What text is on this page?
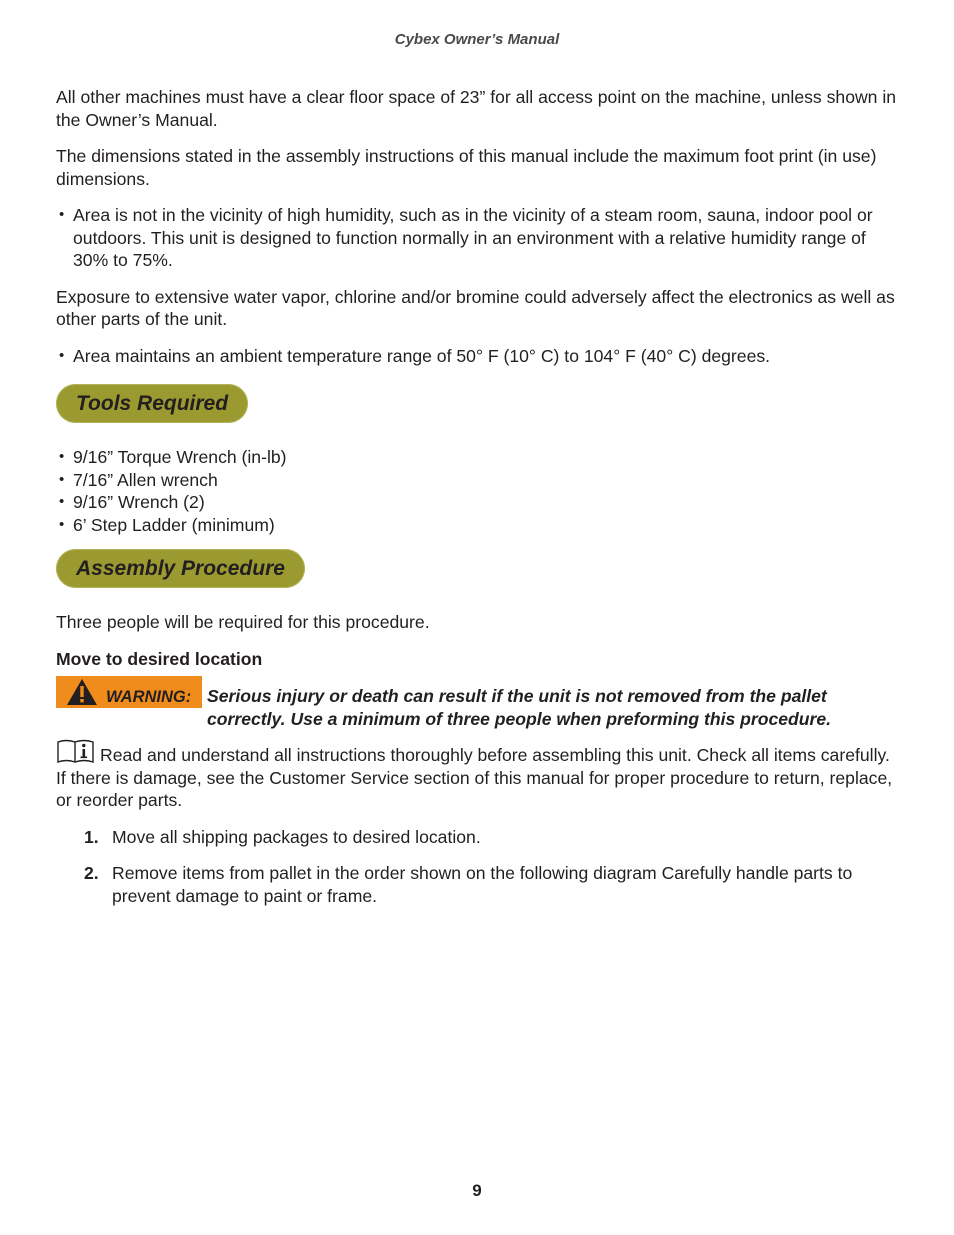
Cybex Owner’s Manual

All other machines must have a clear floor space of 23” for all access point on the machine, unless shown in the Owner’s Manual.

The dimensions stated in the assembly instructions of this manual include the maximum foot print (in use) dimensions.

• Area is not in the vicinity of high humidity, such as in the vicinity of a steam room, sauna, indoor pool or outdoors. This unit is designed to function normally in an environment with a relative humidity range of 30% to 75%.

Exposure to extensive water vapor, chlorine and/or bromine could adversely affect the electronics as well as other parts of the unit.

• Area maintains an ambient temperature range of 50° F (10° C) to 104° F (40° C) degrees.
Tools Required
• 9/16” Torque Wrench (in-lb)
• 7/16” Allen wrench
• 9/16” Wrench (2)
• 6’ Step Ladder (minimum)
Assembly Procedure

Three people will be required for this procedure.

Move to desired location

WARNING: Serious injury or death can result if the unit is not removed from the pallet correctly. Use a minimum of three people when preforming this procedure.

Read and understand all instructions thoroughly before assembling this unit. Check all items carefully. If there is damage, see the Customer Service section of this manual for proper procedure to return, replace, or reorder parts.

1. Move all shipping packages to desired location.
2. Remove items from pallet in the order shown on the following diagram Carefully handle parts to prevent damage to paint or frame.
9
